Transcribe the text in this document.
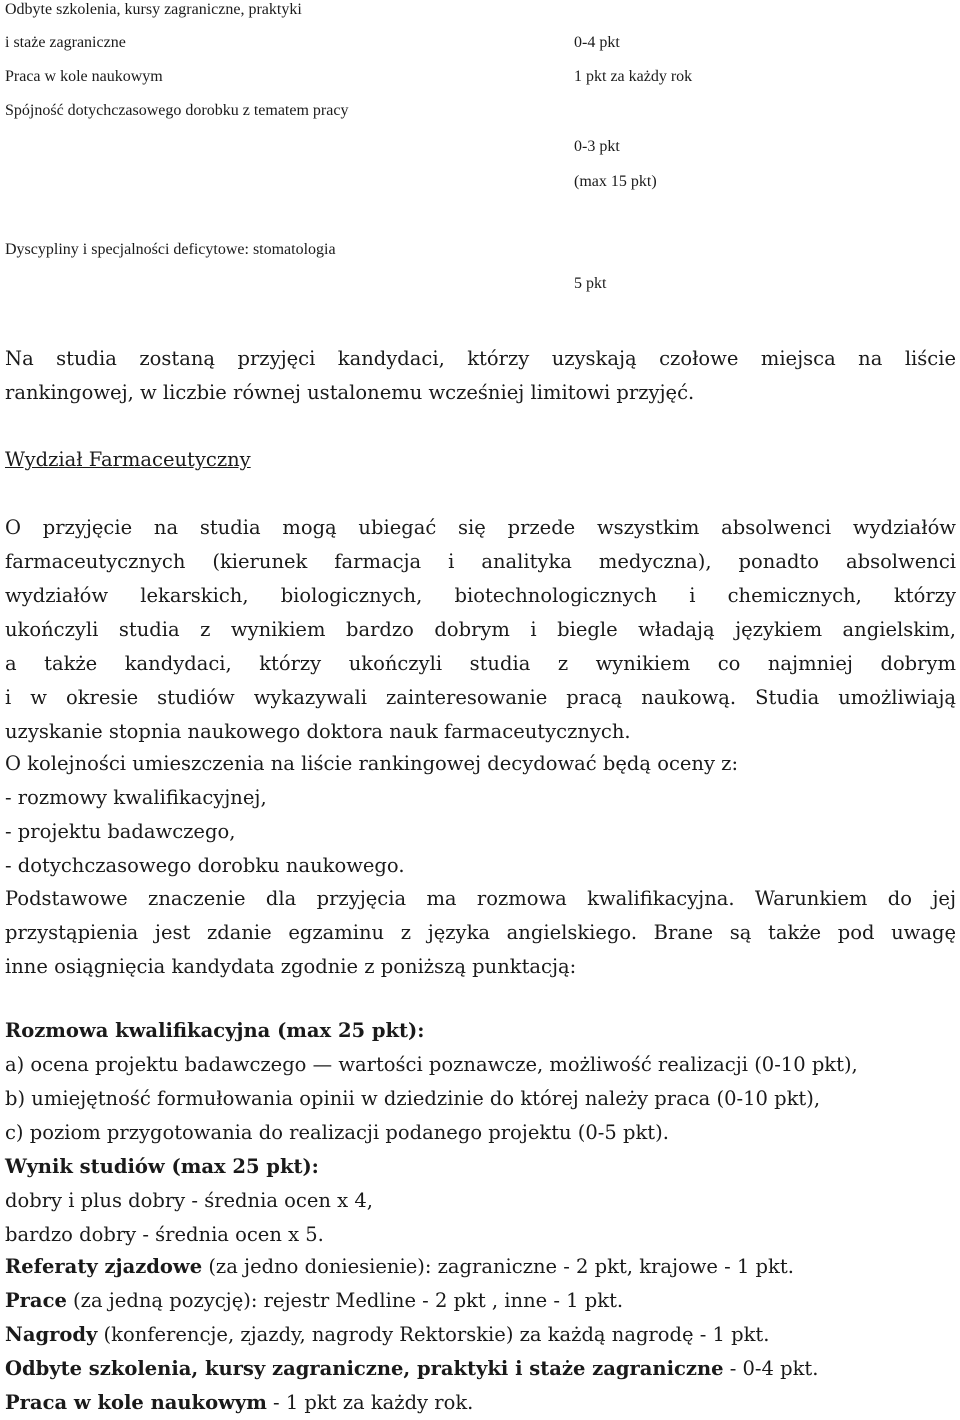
Odbyte szkolenia, kursy zagraniczne, praktyki
i staże zagraniczne	0-4 pkt
Praca w kole naukowym	1 pkt za każdy rok
Spójność dotychczasowego dorobku z tematem pracy
0-3 pkt
(max 15 pkt)
Dyscypliny i specjalności deficytowe: stomatologia
5 pkt
Na studia zostaną przyjęci kandydaci, którzy uzyskają czołowe miejsca na liście
rankingowej, w liczbie równej ustalonemu wcześniej limitowi przyjęć.
Wydział Farmaceutyczny
O przyjęcie na studia mogą ubiegać się przede wszystkim absolwenci wydziałów
farmaceutycznych (kierunek farmacja i analityka medyczna), ponadto absolwenci
wydziałów lekarskich, biologicznych, biotechnologicznych i chemicznych, którzy
ukończyli studia z wynikiem bardzo dobrym i biegle władają językiem angielskim,
a także kandydaci, którzy ukończyli studia z wynikiem co najmniej dobrym
i w okresie studiów wykazywali zainteresowanie pracą naukową. Studia umożliwiają
uzyskanie stopnia naukowego doktora nauk farmaceutycznych.
O kolejności umieszczenia na liście rankingowej decydować będą oceny z:
- rozmowy kwalifikacyjnej,
- projektu badawczego,
- dotychczasowego dorobku naukowego.
Podstawowe znaczenie dla przyjęcia ma rozmowa kwalifikacyjna. Warunkiem do jej
przystąpienia jest zdanie egzaminu z języka angielskiego. Brane są także pod uwagę
inne osiągnięcia kandydata zgodnie z poniższą punktacją:
Rozmowa kwalifikacyjna (max 25 pkt):
a) ocena projektu badawczego — wartości poznawcze, możliwość realizacji (0-10 pkt),
b) umiejętność formułowania opinii w dziedzinie do której należy praca (0-10 pkt),
c) poziom przygotowania do realizacji podanego projektu (0-5 pkt).
Wynik studiów (max 25 pkt):
dobry i plus dobry - średnia ocen x 4,
bardzo dobry - średnia ocen x 5.
Referaty zjazdowe (za jedno doniesienie): zagraniczne - 2 pkt, krajowe - 1 pkt.
Prace (za jedną pozycję): rejestr Medline - 2 pkt , inne - 1 pkt.
Nagrody (konferencje, zjazdy, nagrody Rektorskie) za każdą nagrodę - 1 pkt.
Odbyte szkolenia, kursy zagraniczne, praktyki i staże zagraniczne - 0-4 pkt.
Praca w kole naukowym - 1 pkt za każdy rok.
